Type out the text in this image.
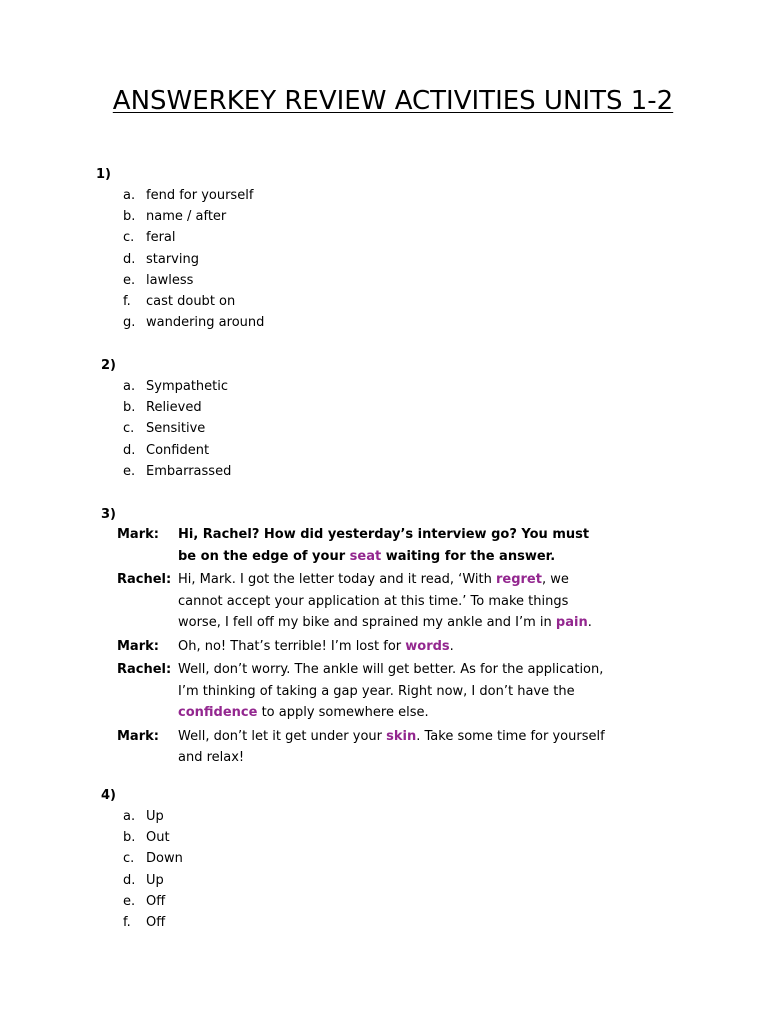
ANSWERKEY REVIEW ACTIVITIES UNITS 1-2
1)
a. fend for yourself
b. name / after
c. feral
d. starving
e. lawless
f.	cast doubt on
g. wandering around
2)
a. Sympathetic
b. Relieved
c. Sensitive
d. Confident
e. Embarrassed
3)
Mark:	Hi, Rachel? How did yesterday’s interview go? You must be on the edge of your seat waiting for the answer.
Rachel: Hi, Mark. I got the letter today and it read, ‘With regret, we cannot accept your application at this time.’ To make things worse, I fell off my bike and sprained my ankle and I’m in pain.
Mark:	Oh, no! That’s terrible! I’m lost for words.
Rachel: Well, don’t worry. The ankle will get better. As for the application, I’m thinking of taking a gap year. Right now, I don’t have the confidence to apply somewhere else.
Mark:	Well, don’t let it get under your skin. Take some time for yourself and relax!
4)
a. Up
b. Out
c. Down
d. Up
e. Off
f.	Off
